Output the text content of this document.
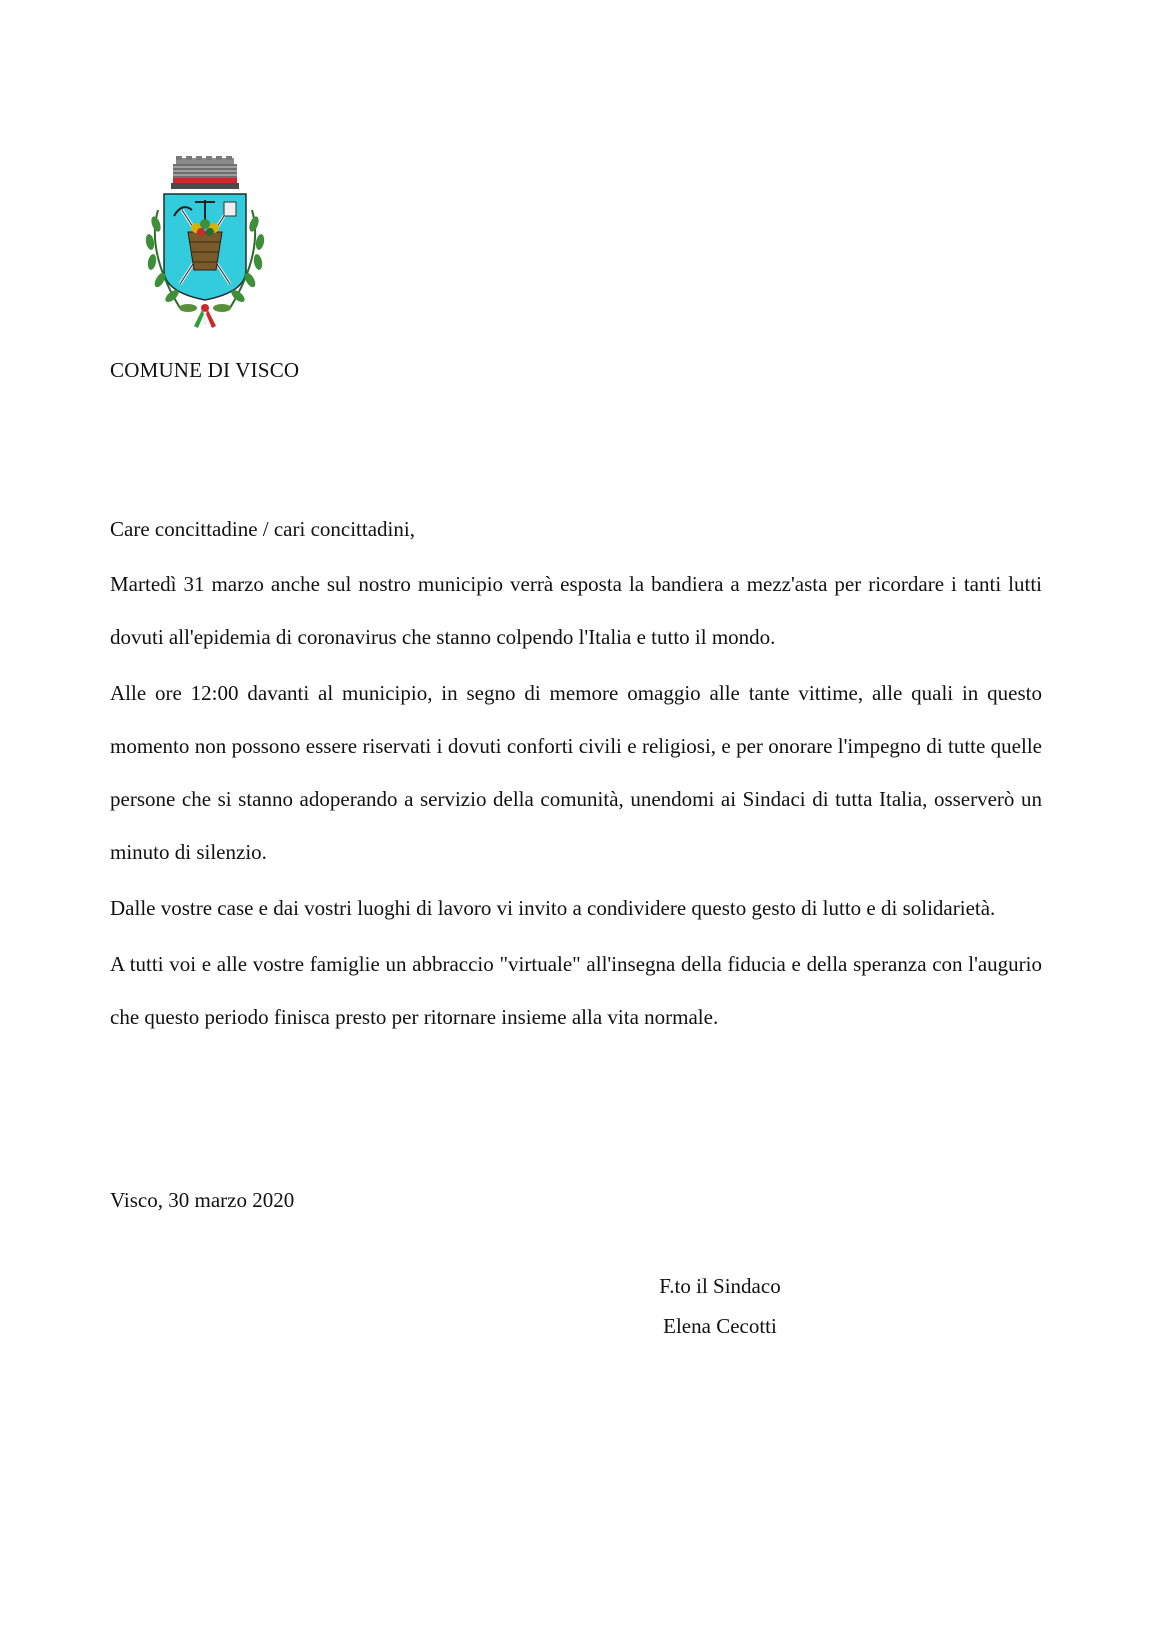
COMUNE DI VISCO

Care concittadine / cari concittadini,

Martedì 31 marzo anche sul nostro municipio verrà esposta la bandiera a mezz'asta per ricordare i tanti lutti dovuti all'epidemia di coronavirus che stanno colpendo l'Italia e tutto il mondo.

Alle ore 12:00 davanti al municipio, in segno di memore omaggio alle tante vittime, alle quali in questo momento non possono essere riservati i dovuti conforti civili e religiosi, e per onorare l'impegno di tutte quelle persone che si stanno adoperando a servizio della comunità, unendomi ai Sindaci di tutta Italia, osserverò un minuto di silenzio.

Dalle vostre case e dai vostri luoghi di lavoro vi invito a condividere questo gesto di lutto e di solidarietà.

A tutti voi e alle vostre famiglie un abbraccio "virtuale" all'insegna della fiducia e della speranza con l'augurio che questo periodo finisca presto per ritornare insieme alla vita normale.

Visco, 30 marzo 2020
F.to il Sindaco
Elena Cecotti
